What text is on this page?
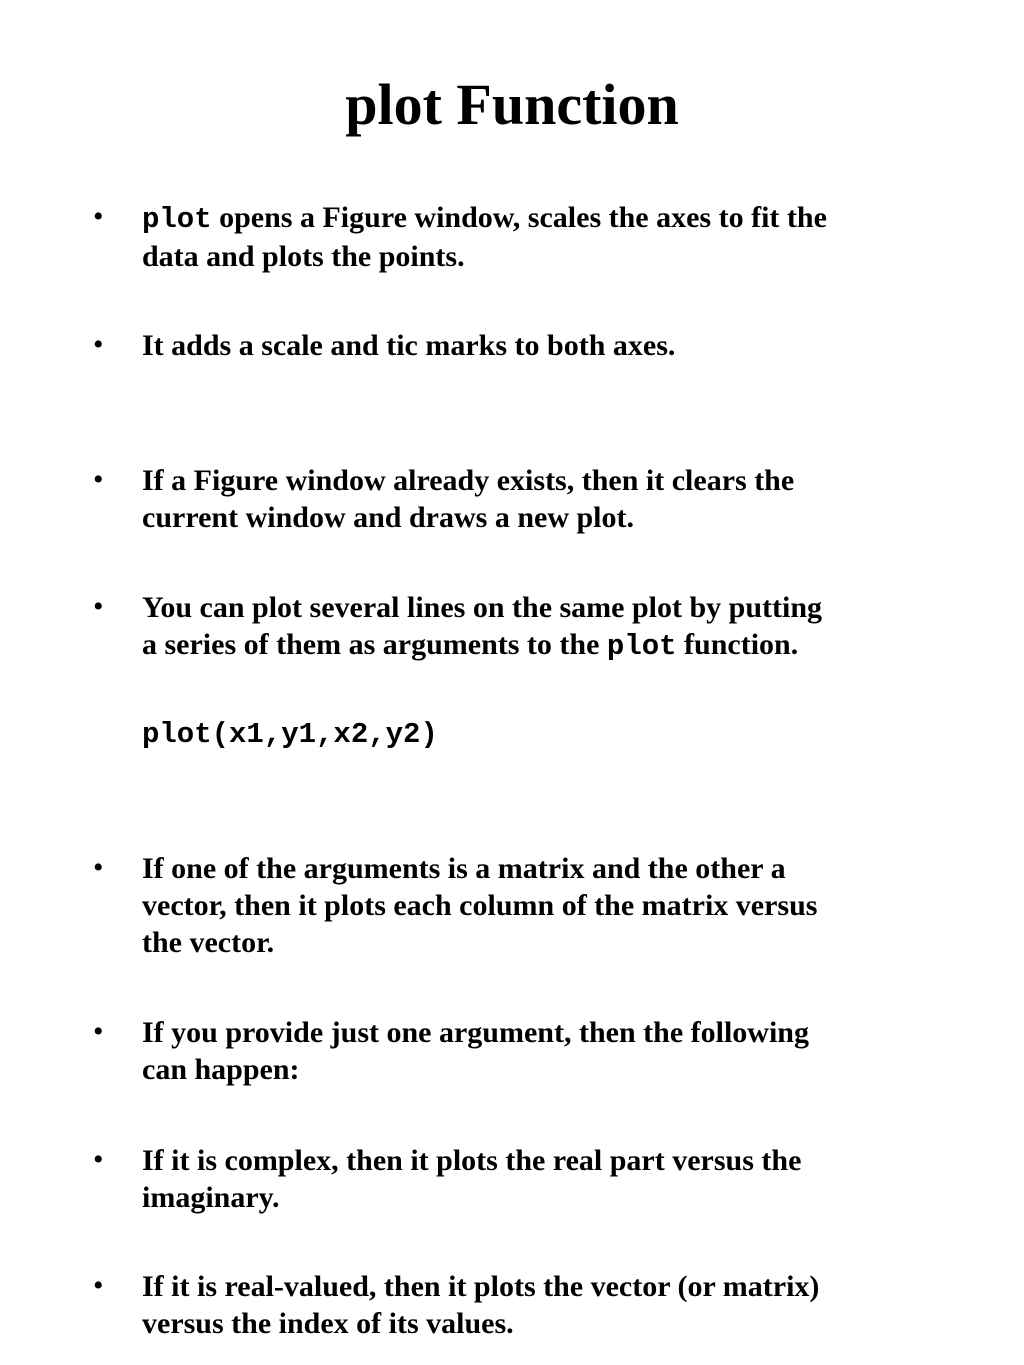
plot Function
• plot opens a Figure window, scales the axes to fit the
data and plots the points.
• It adds a scale and tic marks to both axes.
• If a Figure window already exists, then it clears the
current window and draws a new plot.
• You can plot several lines on the same plot by putting
a series of them as arguments to the plot function.
plot(x1,y1,x2,y2)
• If one of the arguments is a matrix and the other a
vector, then it plots each column of the matrix versus
the vector.
• If you provide just one argument, then the following
can happen:
• If it is complex, then it plots the real part versus the
imaginary.
• If it is real-valued, then it plots the vector (or matrix)
versus the index of its values.
